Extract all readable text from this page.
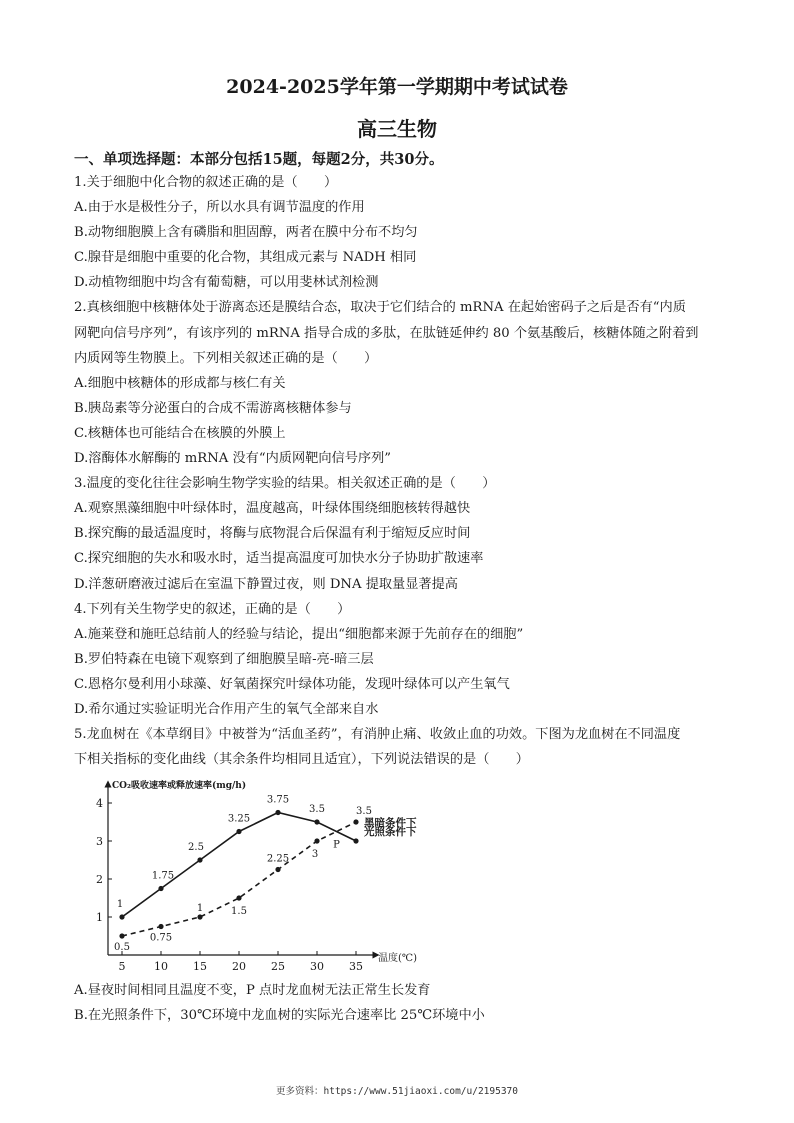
2024-2025学年第一学期期中考试试卷
高三生物
一、单项选择题：本部分包括15题，每题2分，共30分。
1.关于细胞中化合物的叙述正确的是（　　）
A.由于水是极性分子，所以水具有调节温度的作用
B.动物细胞膜上含有磷脂和胆固醇，两者在膜中分布不均匀
C.腺苷是细胞中重要的化合物，其组成元素与 NADH 相同
D.动植物细胞中均含有葡萄糖，可以用斐林试剂检测
2.真核细胞中核糖体处于游离态还是膜结合态，取决于它们结合的 mRNA 在起始密码子之后是否有“内质
网靶向信号序列”，有该序列的 mRNA 指导合成的多肽，在肽链延伸约 80 个氨基酸后，核糖体随之附着到
内质网等生物膜上。下列相关叙述正确的是（　　）
A.细胞中核糖体的形成都与核仁有关
B.胰岛素等分泌蛋白的合成不需游离核糖体参与
C.核糖体也可能结合在核膜的外膜上
D.溶酶体水解酶的 mRNA 没有“内质网靶向信号序列”
3.温度的变化往往会影响生物学实验的结果。相关叙述正确的是（　　）
A.观察黑藻细胞中叶绿体时，温度越高，叶绿体围绕细胞核转得越快
B.探究酶的最适温度时，将酶与底物混合后保温有利于缩短反应时间
C.探究细胞的失水和吸水时，适当提高温度可加快水分子协助扩散速率
D.洋葱研磨液过滤后在室温下静置过夜，则 DNA 提取量显著提高
4.下列有关生物学史的叙述，正确的是（　　）
A.施莱登和施旺总结前人的经验与结论，提出“细胞都来源于先前存在的细胞”
B.罗伯特森在电镜下观察到了细胞膜呈暗-亮-暗三层
C.恩格尔曼利用小球藻、好氧菌探究叶绿体功能，发现叶绿体可以产生氧气
D.希尔通过实验证明光合作用产生的氧气全部来自水
5.龙血树在《本草纲目》中被誉为“活血圣药”，有消肿止痛、收敛止血的功效。下图为龙血树在不同温度
下相关指标的变化曲线（其余条件均相同且适宜），下列说法错误的是（　　）
CO₂吸收速率或释放速率(mg/h)
温度(℃)
1
2
3
4
5	10 15 20 25 30 35
0.5
0.75
1	1.5
2.25 3
3.5
黑暗条件下
1
1.75
2.5
3.25
3.75
3.5
光照条件下
P
A.昼夜时间相同且温度不变，P 点时龙血树无法正常生长发育
B.在光照条件下，30℃环境中龙血树的实际光合速率比 25℃环境中小
更多资料：https://www.51jiaoxi.com/u/2195370
